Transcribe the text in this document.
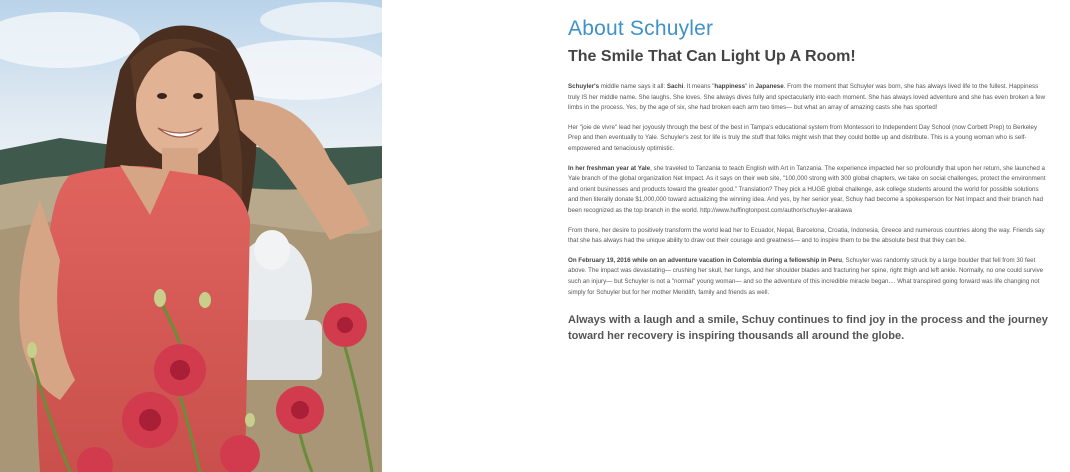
About Schuyler
The Smile That Can Light Up A Room!

Schuyler's middle name says it all: Sachi. It means "happiness" in Japanese. From the moment that Schuyler was born, she has always lived life to the fullest. Happiness truly IS her middle name. She laughs. She loves. She always dives fully and spectacularly into each moment. She has always loved adventure and she has even broken a few limbs in the process. Yes, by the age of six, she had broken each arm two times— but what an array of amazing casts she has sported!

Her "joie de vivre" lead her joyously through the best of the best in Tampa's educational system from Montessori to Independent Day School (now Corbett Prep) to Berkeley Prep and then eventually to Yale. Schuyler's zest for life is truly the stuff that folks might wish that they could bottle up and distribute. This is a young woman who is self-empowered and tenaciously optimistic.

In her freshman year at Yale, she traveled to Tanzania to teach English with Art in Tanzania. The experience impacted her so profoundly that upon her return, she launched a Yale branch of the global organization Net Impact. As it says on their web site, "100,000 strong with 300 global chapters, we take on social challenges, protect the environment and orient businesses and products toward the greater good." Translation? They pick a HUGE global challenge, ask college students around the world for possible solutions and then literally donate $1,000,000 toward actualizing the winning idea. And yes, by her senior year, Schuy had become a spokesperson for Net Impact and their branch had been recognized as the top branch in the world. http://www.huffingtonpost.com/author/schuyler-arakawa

From there, her desire to positively transform the world lead her to Ecuador, Nepal, Barcelona, Croatia, Indonesia, Greece and numerous countries along the way. Friends say that she has always had the unique ability to draw out their courage and greatness— and to inspire them to be the absolute best that they can be.

On February 19, 2016 while on an adventure vacation in Colombia during a fellowship in Peru, Schuyler was randomly struck by a large boulder that fell from 30 feet above. The impact was devastating— crushing her skull, her lungs, and her shoulder blades and fracturing her spine, right thigh and left ankle. Normally, no one could survive such an injury— but Schuyler is not a "normal" young woman— and so the adventure of this incredible miracle began.... What transpired going forward was life changing not simply for Schuyler but for her mother Meridith, family and friends as well.

Always with a laugh and a smile, Schuy continues to find joy in the process and the journey toward her recovery is inspiring thousands all around the globe.
